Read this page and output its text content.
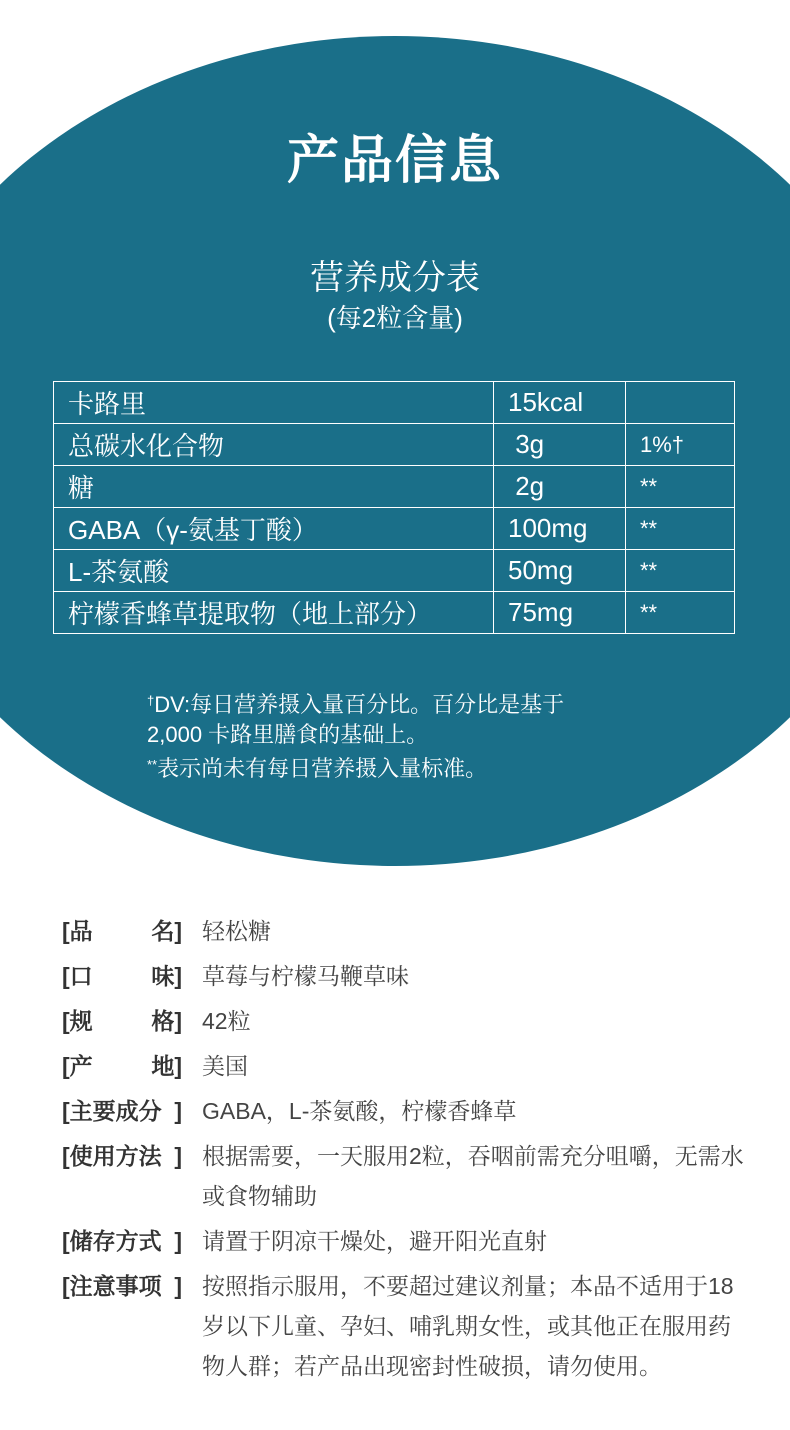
产品信息
营养成分表
(每2粒含量)
卡路里	15kcal	
总碳水化合物	3g	1%†
糖	2g	**
GABA（γ-氨基丁酸）	100mg	**
L-茶氨酸	50mg	**
柠檬香蜂草提取物（地上部分）	75mg	**
†DV:每日营养摄入量百分比。百分比是基于
2,000 卡路里膳食的基础上。
**表示尚未有每日营养摄入量标准。
[品	名] 轻松糖
[口	味] 草莓与柠檬马鞭草味
[规	格] 42粒
[产	地] 美国
[主要成分 ] GABA，L-茶氨酸，柠檬香蜂草
[使用方法 ] 根据需要，一天服用2粒，吞咽前需充分咀嚼，无需水或食物辅助
[储存方式 ] 请置于阴凉干燥处，避开阳光直射
[注意事项 ] 按照指示服用，不要超过建议剂量；本品不适用于18岁以下儿童、孕妇、哺乳期女性，或其他正在服用药物人群；若产品出现密封性破损，请勿使用。
